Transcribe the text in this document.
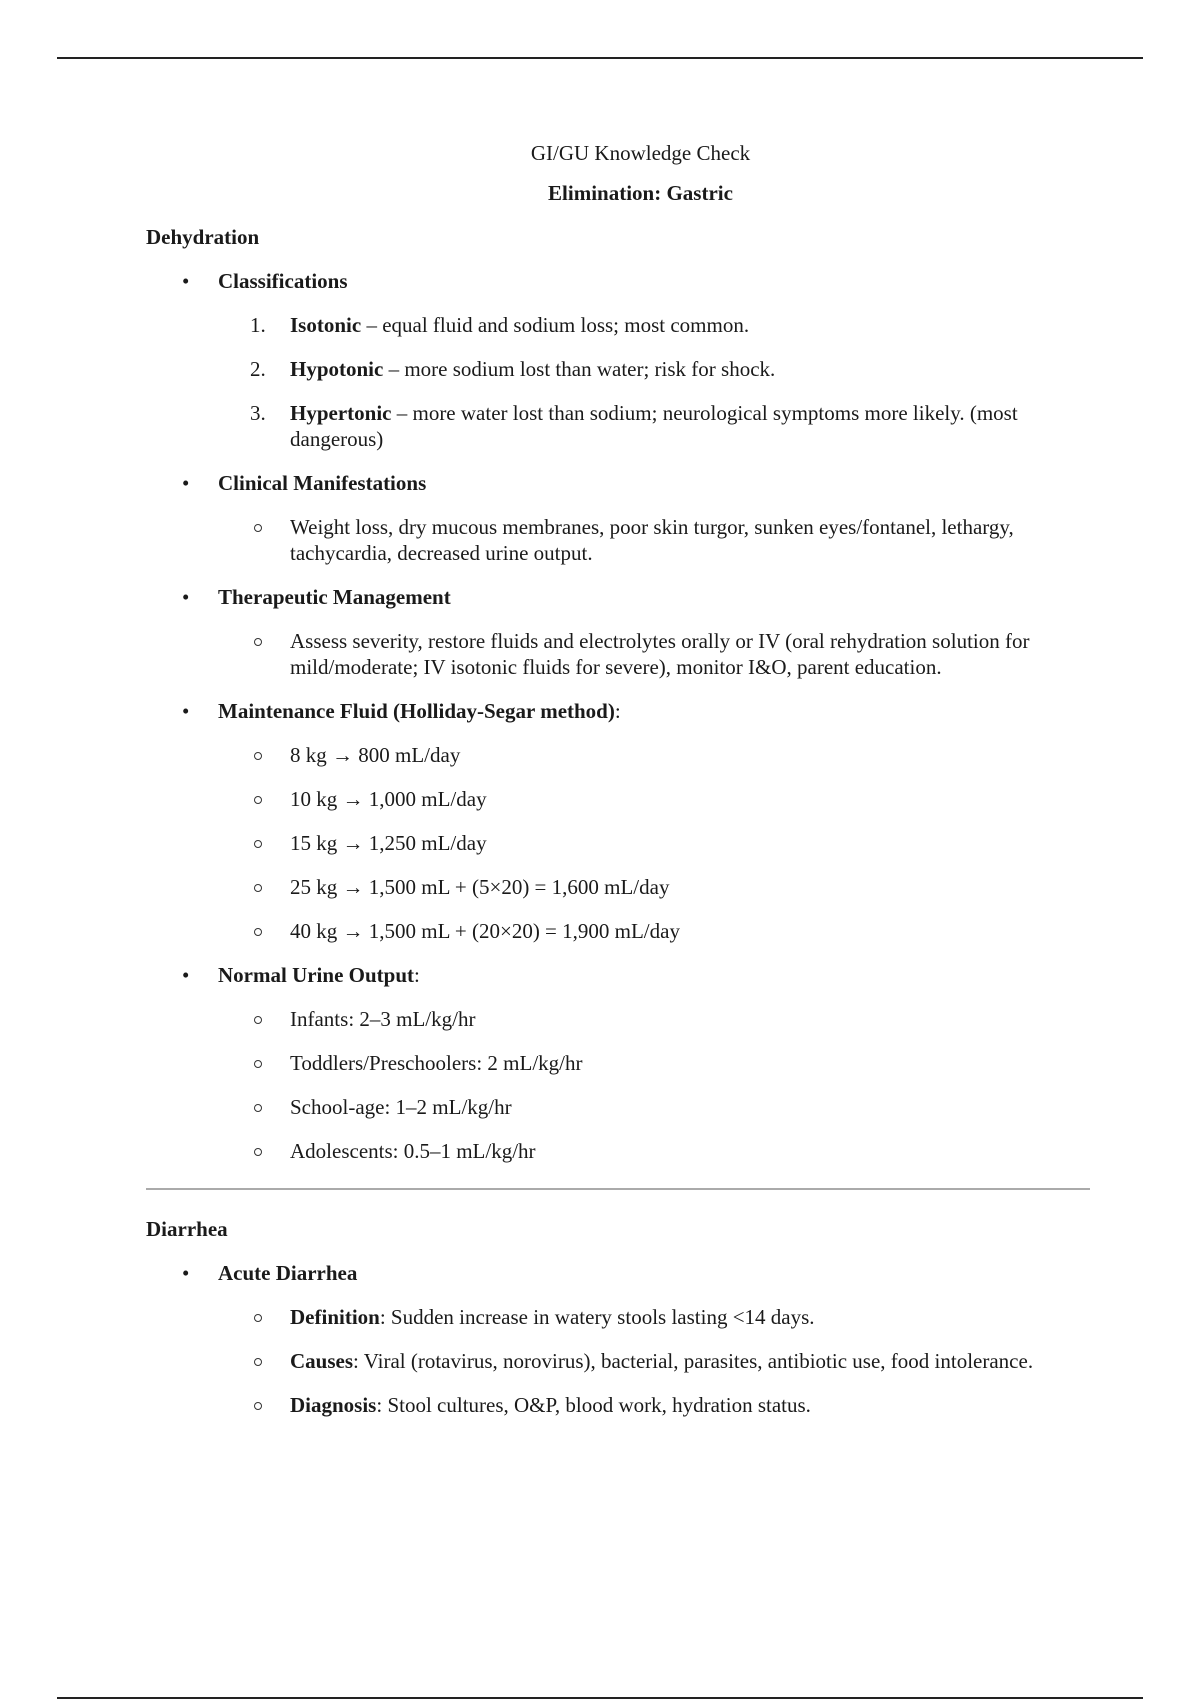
GI/GU Knowledge Check

Elimination: Gastric

Dehydration

• Classifications
1. Isotonic – equal fluid and sodium loss; most common.
2. Hypotonic – more sodium lost than water; risk for shock.
3. Hypertonic – more water lost than sodium; neurological symptoms more likely. (most dangerous)
• Clinical Manifestations
Weight loss, dry mucous membranes, poor skin turgor, sunken eyes/fontanel, lethargy, tachycardia, decreased urine output.
• Therapeutic Management
Assess severity, restore fluids and electrolytes orally or IV (oral rehydration solution for mild/moderate; IV isotonic fluids for severe), monitor I&O, parent education.
• Maintenance Fluid (Holliday-Segar method):
8 kg → 800 mL/day
10 kg → 1,000 mL/day
15 kg → 1,250 mL/day
25 kg → 1,500 mL + (5×20) = 1,600 mL/day
40 kg → 1,500 mL + (20×20) = 1,900 mL/day
• Normal Urine Output:
Infants: 2–3 mL/kg/hr
Toddlers/Preschoolers: 2 mL/kg/hr
School-age: 1–2 mL/kg/hr
Adolescents: 0.5–1 mL/kg/hr

Diarrhea

• Acute Diarrhea
Definition: Sudden increase in watery stools lasting <14 days.
Causes: Viral (rotavirus, norovirus), bacterial, parasites, antibiotic use, food intolerance.
Diagnosis: Stool cultures, O&P, blood work, hydration status.
